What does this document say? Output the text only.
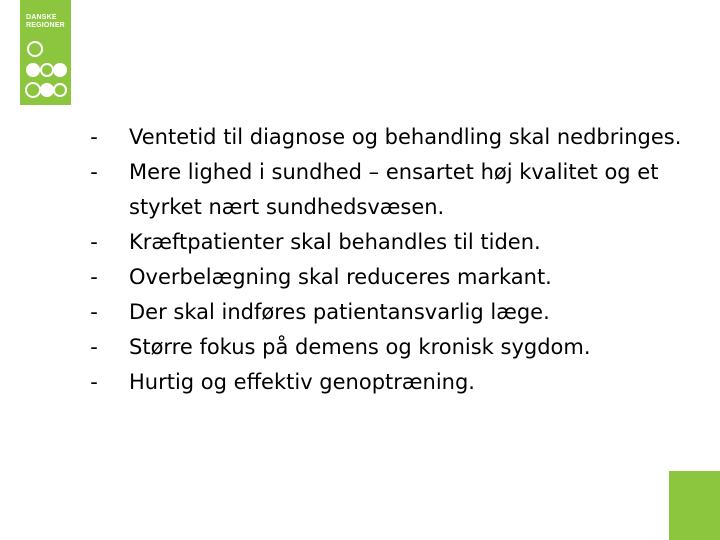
DANSKE
REGIONER
- Ventetid til diagnose og behandling skal nedbringes.
- Mere lighed i sundhed – ensartet høj kvalitet og et styrket nært sundhedsvæsen.
- Kræftpatienter skal behandles til tiden.
- Overbelægning skal reduceres markant.
- Der skal indføres patientansvarlig læge.
- Større fokus på demens og kronisk sygdom.
- Hurtig og effektiv genoptræning.
